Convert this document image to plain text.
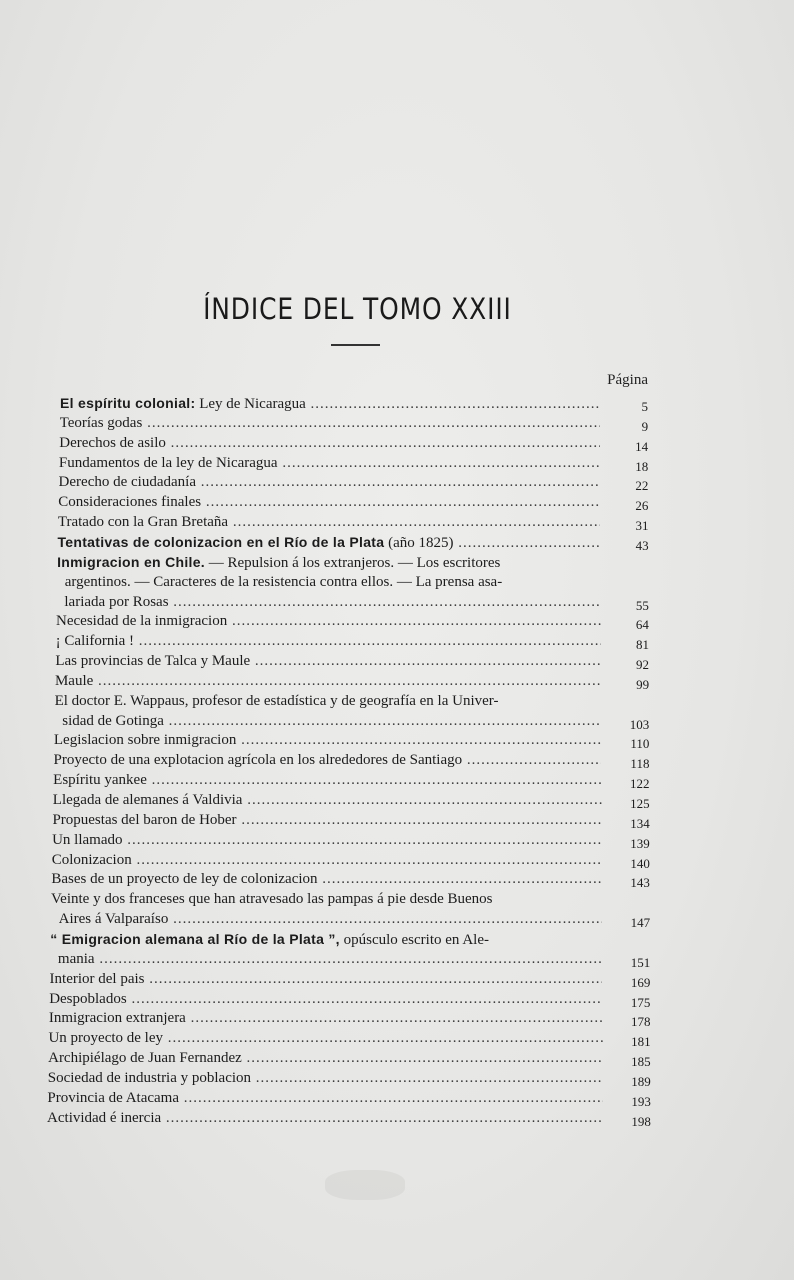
ÍNDICE DEL TOMO XXIII
Página
El espíritu colonial: Ley de Nicaragua .....	5
Teorías godas .....	9
Derechos de asilo .....	14
Fundamentos de la ley de Nicaragua .....	18
Derecho de ciudadanía .....	22
Consideraciones finales .....	26
Tratado con la Gran Bretaña .....	31
Tentativas de colonizacion en el Río de la Plata (año 1825) .....	43
Inmigracion en Chile. — Repulsion á los extranjeros. — Los escritores
argentinos. — Caracteres de la resistencia contra ellos. — La prensa asa-
lariada por Rosas .....	55
Necesidad de la inmigracion .....	64
¡ California ! .....	81
Las provincias de Talca y Maule .....	92
Maule .....	99
El doctor E. Wappaus, profesor de estadística y de geografía en la Univer-
sidad de Gotinga .....	103
Legislacion sobre inmigracion .....	110
Proyecto de una explotacion agrícola en los alrededores de Santiago .....	118
Espíritu yankee .....	122
Llegada de alemanes á Valdivia .....	125
Propuestas del baron de Hober .....	134
Un llamado .....	139
Colonizacion .....	140
Bases de un proyecto de ley de colonizacion .....	143
Veinte y dos franceses que han atravesado las pampas á pie desde Buenos
Aires á Valparaíso .....	147
“ Emigracion alemana al Río de la Plata ”, opúsculo escrito en Ale-
mania .....	151
Interior del pais .....	169
Despoblados .....	175
Inmigracion extranjera .....	178
Un proyecto de ley .....	181
Archipiélago de Juan Fernandez .....	185
Sociedad de industria y poblacion .....	189
Provincia de Atacama .....	193
Actividad é inercia .....	198
